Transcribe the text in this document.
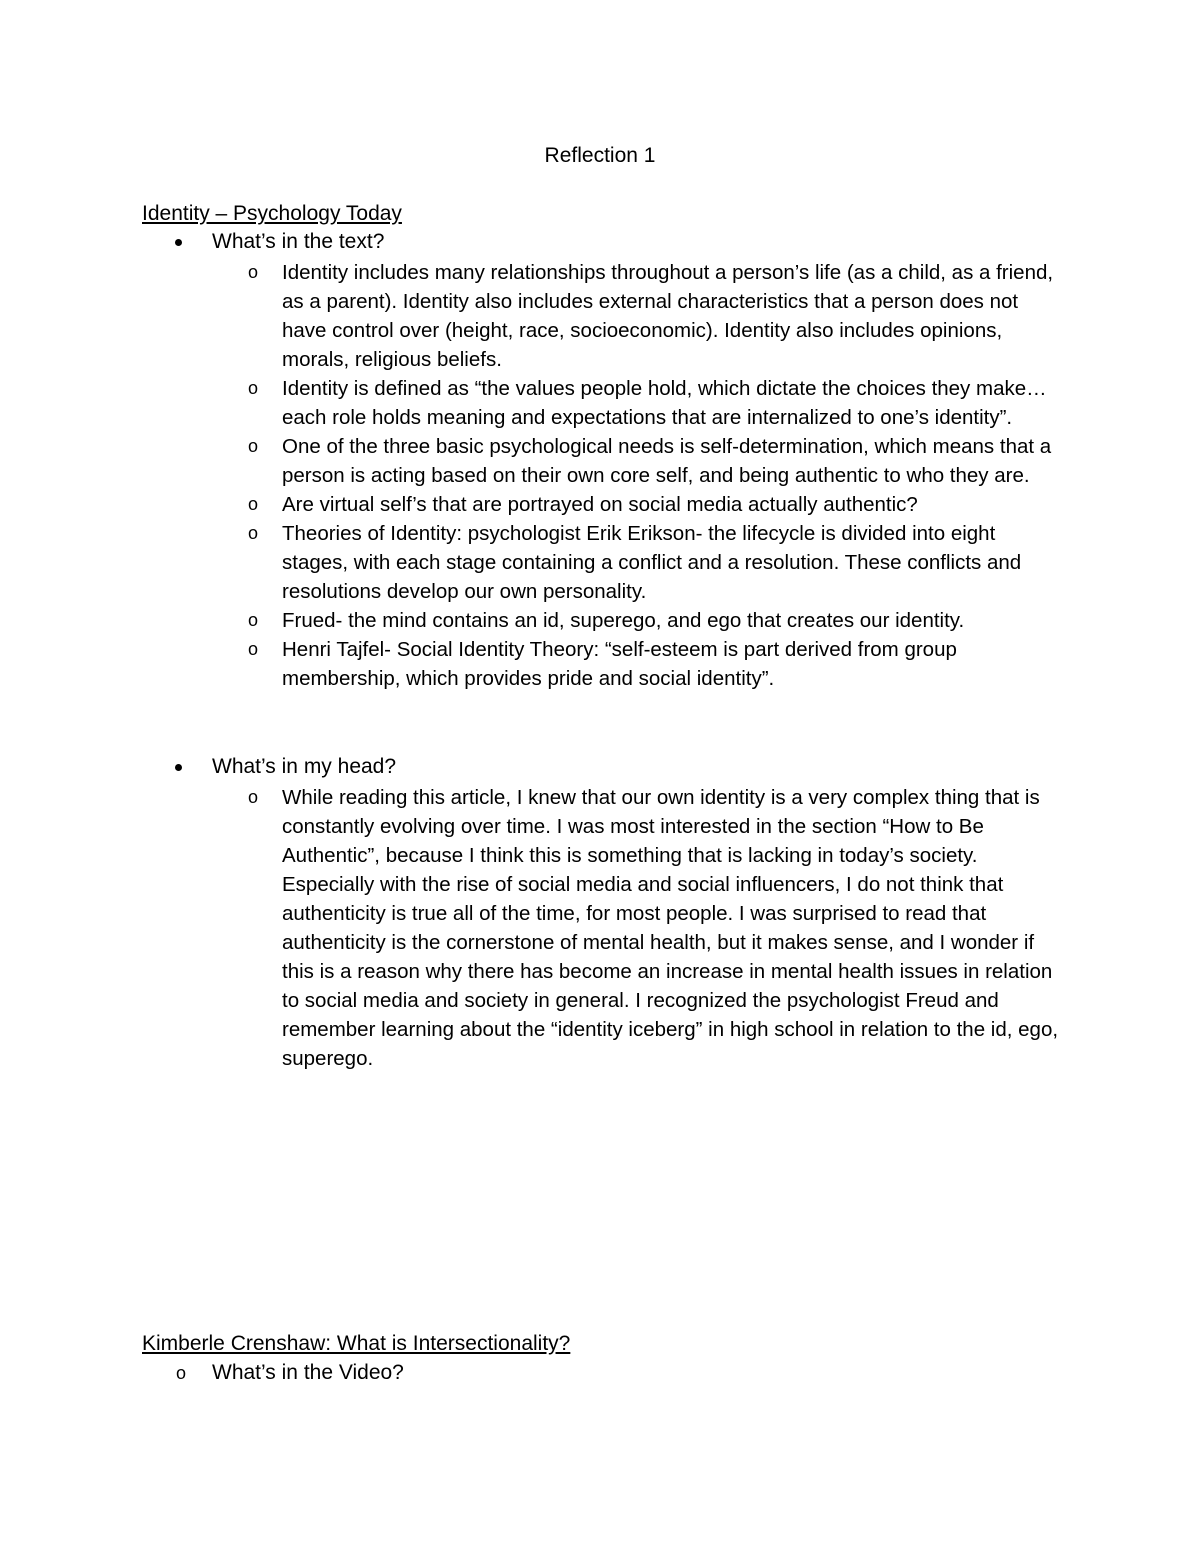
Reflection 1
Identity – Psychology Today
What’s in the text?
o Identity includes many relationships throughout a person’s life (as a child, as a friend, as a parent). Identity also includes external characteristics that a person does not have control over (height, race, socioeconomic). Identity also includes opinions, morals, religious beliefs.
o Identity is defined as “the values people hold, which dictate the choices they make…each role holds meaning and expectations that are internalized to one’s identity”.
o One of the three basic psychological needs is self-determination, which means that a person is acting based on their own core self, and being authentic to who they are.
o Are virtual self’s that are portrayed on social media actually authentic?
o Theories of Identity: psychologist Erik Erikson- the lifecycle is divided into eight stages, with each stage containing a conflict and a resolution. These conflicts and resolutions develop our own personality.
o Frued- the mind contains an id, superego, and ego that creates our identity.
o Henri Tajfel- Social Identity Theory: “self-esteem is part derived from group membership, which provides pride and social identity”.
What’s in my head?
o While reading this article, I knew that our own identity is a very complex thing that is constantly evolving over time. I was most interested in the section “How to Be Authentic”, because I think this is something that is lacking in today’s society. Especially with the rise of social media and social influencers, I do not think that authenticity is true all of the time, for most people. I was surprised to read that authenticity is the cornerstone of mental health, but it makes sense, and I wonder if this is a reason why there has become an increase in mental health issues in relation to social media and society in general. I recognized the psychologist Freud and remember learning about the “identity iceberg” in high school in relation to the id, ego, superego.
Kimberle Crenshaw: What is Intersectionality?
o What’s in the Video?
